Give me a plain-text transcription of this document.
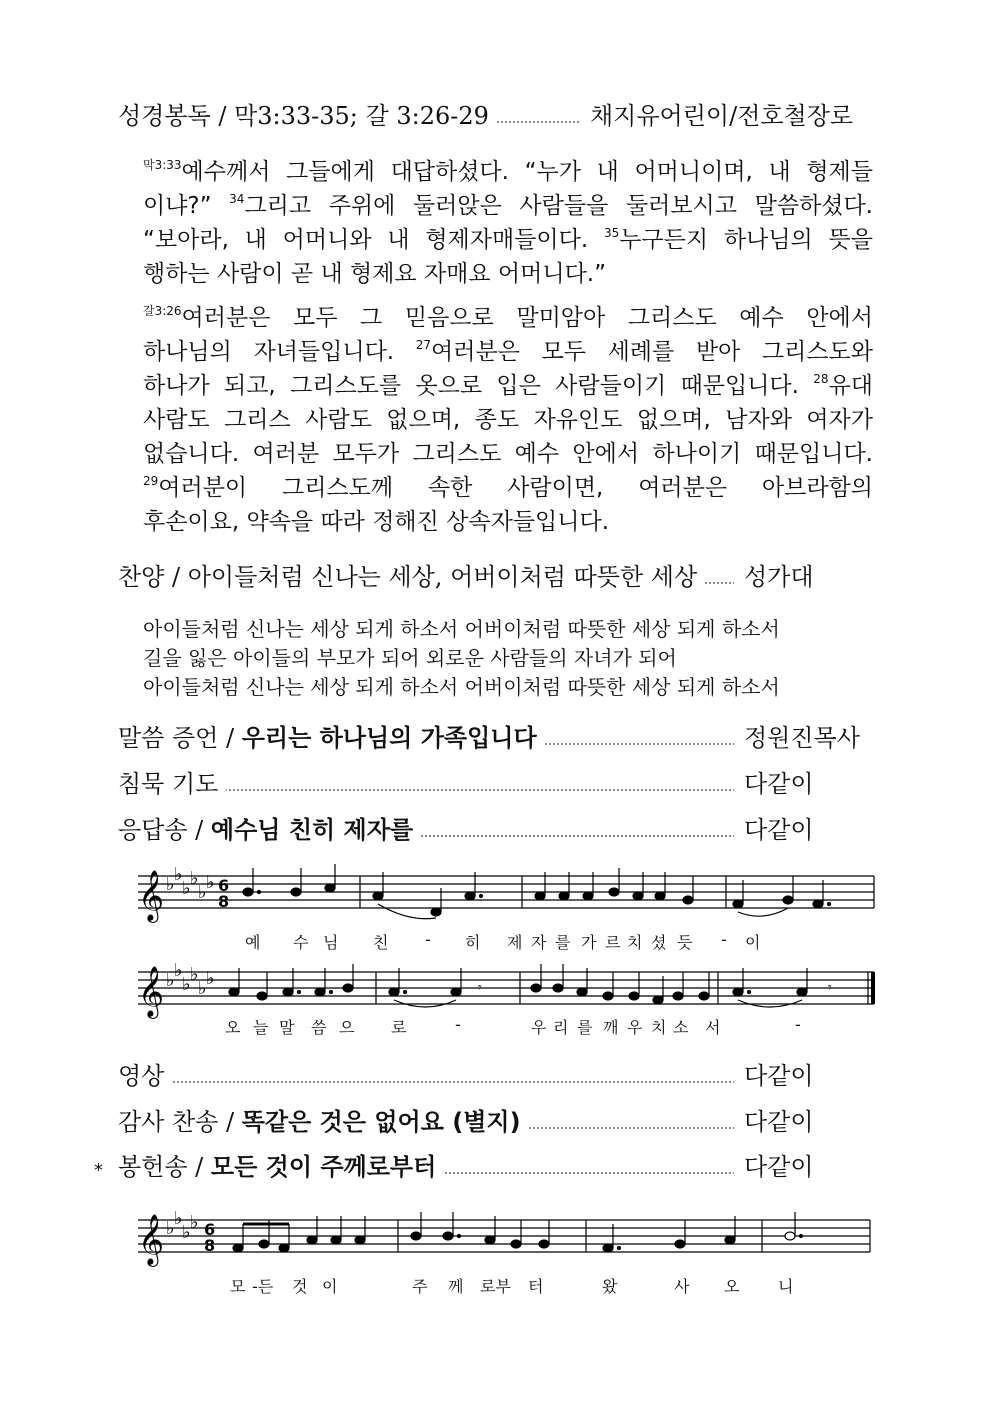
성경봉독 / 막3:33-35; 갈 3:26-29	채지유어린이/전호철장로
$^{막3:33}$예수께서 그들에게 대답하셨다. “누가 내 어머니이며, 내 형제들
이냐?” $^{34}$그리고 주위에 둘러앉은 사람들을 둘러보시고 말씀하셨다.
“보아라, 내 어머니와 내 형제자매들이다. $^{35}$누구든지 하나님의 뜻을
행하는 사람이 곧 내 형제요 자매요 어머니다.”
$^{갈3:26}$여러분은 모두 그 믿음으로 말미암아 그리스도 예수 안에서
하나님의 자녀들입니다. $^{27}$여러분은 모두 세례를 받아 그리스도와
하나가 되고, 그리스도를 옷으로 입은 사람들이기 때문입니다. $^{28}$유대
사람도 그리스 사람도 없으며, 종도 자유인도 없으며, 남자와 여자가
없습니다. 여러분 모두가 그리스도 예수 안에서 하나이기 때문입니다.
$^{29}$여러분이 그리스도께 속한 사람이면, 여러분은 아브라함의
후손이요, 약속을 따라 정해진 상속자들입니다.
찬양 / 아이들처럼 신나는 세상, 어버이처럼 따뜻한 세상	성가대
아이들처럼 신나는 세상 되게 하소서 어버이처럼 따뜻한 세상 되게 하소서
길을 잃은 아이들의 부모가 되어 외로운 사람들의 자녀가 되어
아이들처럼 신나는 세상 되게 하소서 어버이처럼 따뜻한 세상 되게 하소서
말씀 증언 / 우리는 하나님의 가족입니다	정원진목사
침묵 기도	다같이
응답송 / 예수님 친히 제자를	다같이
𝄞 ♭ ♭
♭ ♭
♭ ♭ 6
8
예 수 님 친 - 히 제 자 를 가 르 치 셨 듯 - 이
𝄞 ♭ ♭
♭ ♭
♭ ♭	𝄾	𝄾
오 늘 말 씀 으 로	-	우 리 를 깨 우 치 소 서	-
영상	다같이
감사 찬송 / 똑같은 것은 없어요 (별지)	다같이
* 봉헌송 / 모든 것이 주께로부터	다같이
𝄞 ♭ ♭
♭ ♭ 6
8
모 -든 것 이	주 께 로부 터	왔	사 오 니
